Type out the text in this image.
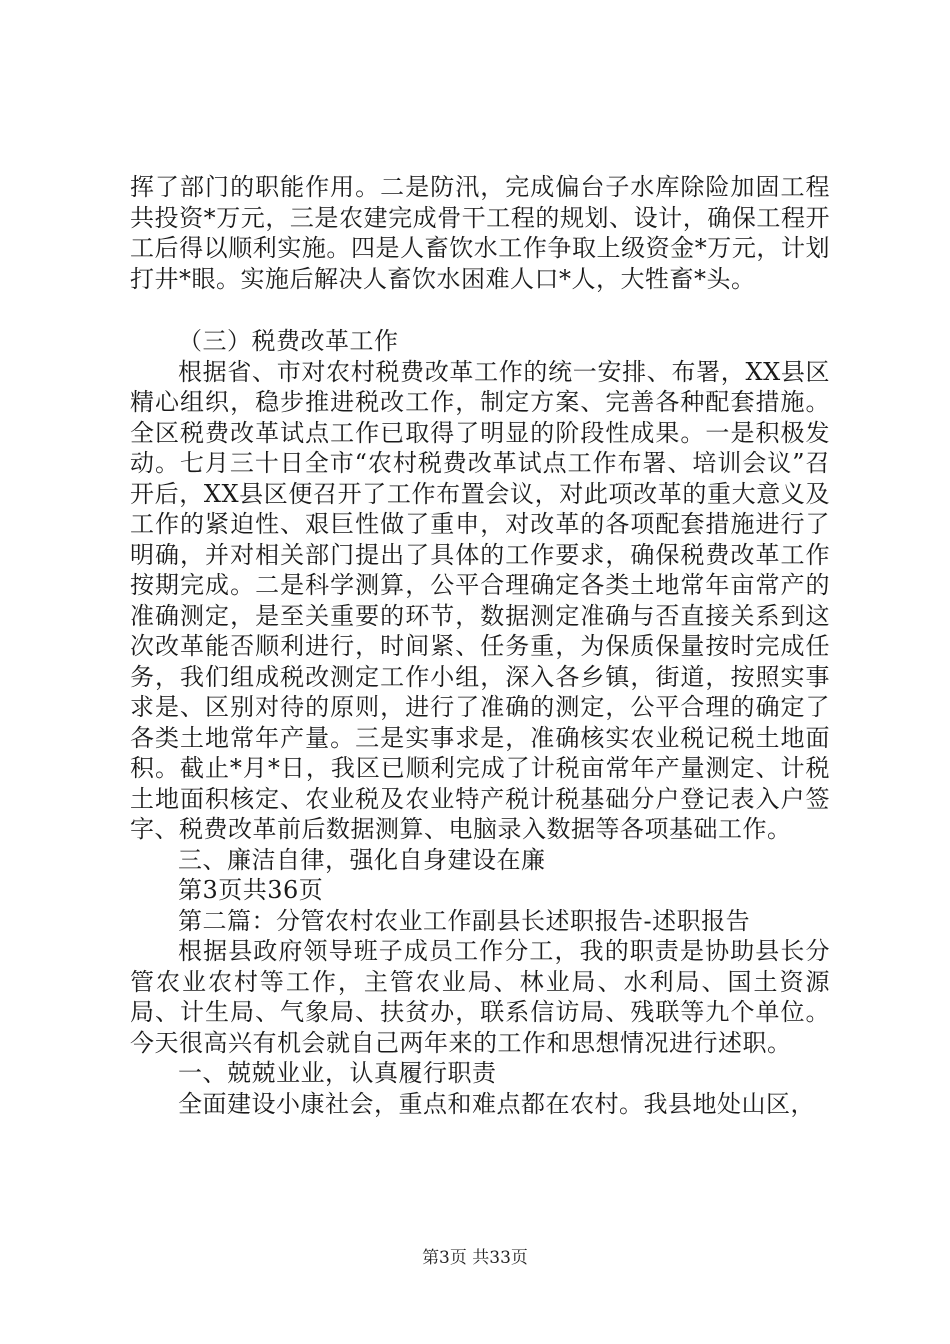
挥了部门的职能作用。二是防汛，完成偏台子水库除险加固工程共投资*万元，三是农建完成骨干工程的规划、设计，确保工程开工后得以顺利实施。四是人畜饮水工作争取上级资金*万元，计划打井*眼。实施后解决人畜饮水困难人口*人，大牲畜*头。

（三）税费改革工作

根据省、市对农村税费改革工作的统一安排、布署，XX县区精心组织，稳步推进税改工作，制定方案、完善各种配套措施。全区税费改革试点工作已取得了明显的阶段性成果。一是积极发动。七月三十日全市“农村税费改革试点工作布署、培训会议”召开后，XX县区便召开了工作布置会议，对此项改革的重大意义及工作的紧迫性、艰巨性做了重申，对改革的各项配套措施进行了明确，并对相关部门提出了具体的工作要求，确保税费改革工作按期完成。二是科学测算，公平合理确定各类土地常年亩常产的准确测定，是至关重要的环节，数据测定准确与否直接关系到这次改革能否顺利进行，时间紧、任务重，为保质保量按时完成任务，我们组成税改测定工作小组，深入各乡镇，街道，按照实事求是、区别对待的原则，进行了准确的测定，公平合理的确定了各类土地常年产量。三是实事求是，准确核实农业税记税土地面积。截止*月*日，我区已顺利完成了计税亩常年产量测定、计税土地面积核定、农业税及农业特产税计税基础分户登记表入户签字、税费改革前后数据测算、电脑录入数据等各项基础工作。

三、廉洁自律，强化自身建设在廉

第3页共36页

第二篇：分管农村农业工作副县长述职报告-述职报告

根据县政府领导班子成员工作分工，我的职责是协助县长分管农业农村等工作，主管农业局、林业局、水利局、国土资源局、计生局、气象局、扶贫办，联系信访局、残联等九个单位。今天很高兴有机会就自己两年来的工作和思想情况进行述职。

一、兢兢业业，认真履行职责

全面建设小康社会，重点和难点都在农村。我县地处山区，

第3页 共33页
